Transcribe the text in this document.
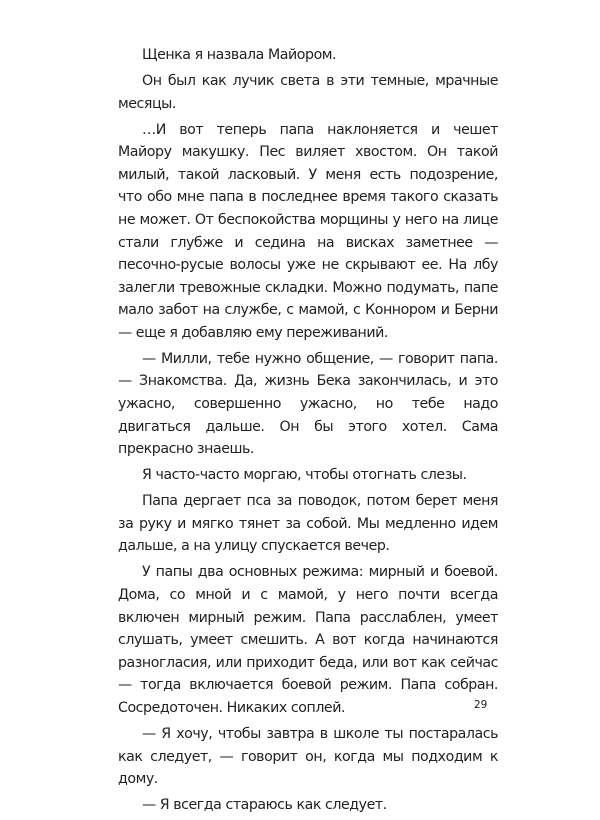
Щенка я назвала Майором.

Он был как лучик света в эти темные, мрачные месяцы.

…И вот теперь папа наклоняется и чешет Майору макушку. Пес виляет хвостом. Он такой милый, такой ласковый. У меня есть подозрение, что обо мне папа в последнее время такого сказать не может. От беспокойства морщины у него на лице стали глубже и седина на висках заметнее — песочно-русые волосы уже не скрывают ее. На лбу залегли тревожные складки. Можно подумать, папе мало забот на службе, с мамой, с Коннором и Берни — еще я добавляю ему переживаний.

— Милли, тебе нужно общение, — говорит папа. — Знакомства. Да, жизнь Бека закончилась, и это ужасно, совершенно ужасно, но тебе надо двигаться дальше. Он бы этого хотел. Сама прекрасно знаешь.

Я часто-часто моргаю, чтобы отогнать слезы.

Папа дергает пса за поводок, потом берет меня за руку и мягко тянет за собой. Мы медленно идем дальше, а на улицу спускается вечер.

У папы два основных режима: мирный и боевой. Дома, со мной и с мамой, у него почти всегда включен мирный режим. Папа расслаблен, умеет слушать, умеет смешить. А вот когда начинаются разногласия, или приходит беда, или вот как сейчас — тогда включается боевой режим. Папа собран. Сосредоточен. Никаких соплей.

— Я хочу, чтобы завтра в школе ты постаралась как следует, — говорит он, когда мы подходим к дому.

— Я всегда стараюсь как следует.

29
